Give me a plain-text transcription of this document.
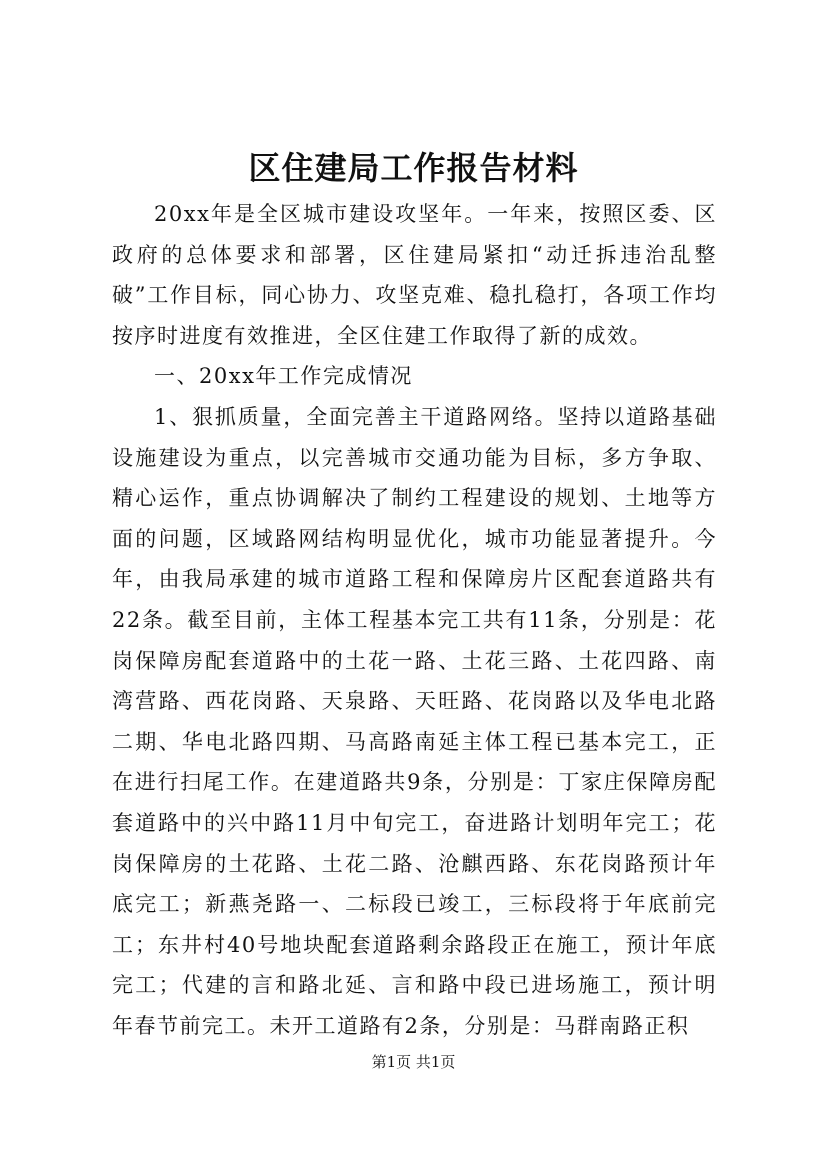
区住建局工作报告材料

20xx年是全区城市建设攻坚年。一年来，按照区委、区政府的总体要求和部署，区住建局紧扣“动迁拆违治乱整破”工作目标，同心协力、攻坚克难、稳扎稳打，各项工作均按序时进度有效推进，全区住建工作取得了新的成效。

一、20xx年工作完成情况

1、狠抓质量，全面完善主干道路网络。坚持以道路基础设施建设为重点，以完善城市交通功能为目标，多方争取、精心运作，重点协调解决了制约工程建设的规划、土地等方面的问题，区域路网结构明显优化，城市功能显著提升。今年，由我局承建的城市道路工程和保障房片区配套道路共有22条。截至目前，主体工程基本完工共有11条，分别是：花岗保障房配套道路中的土花一路、土花三路、土花四路、南湾营路、西花岗路、天泉路、天旺路、花岗路以及华电北路二期、华电北路四期、马高路南延主体工程已基本完工，正在进行扫尾工作。在建道路共9条，分别是：丁家庄保障房配套道路中的兴中路11月中旬完工，奋进路计划明年完工；花岗保障房的土花路、土花二路、沧麒西路、东花岗路预计年底完工；新燕尧路一、二标段已竣工，三标段将于年底前完工；东井村40号地块配套道路剩余路段正在施工，预计年底完工；代建的言和路北延、言和路中段已进场施工，预计明年春节前完工。未开工道路有2条，分别是：马群南路正积

第1页 共1页
